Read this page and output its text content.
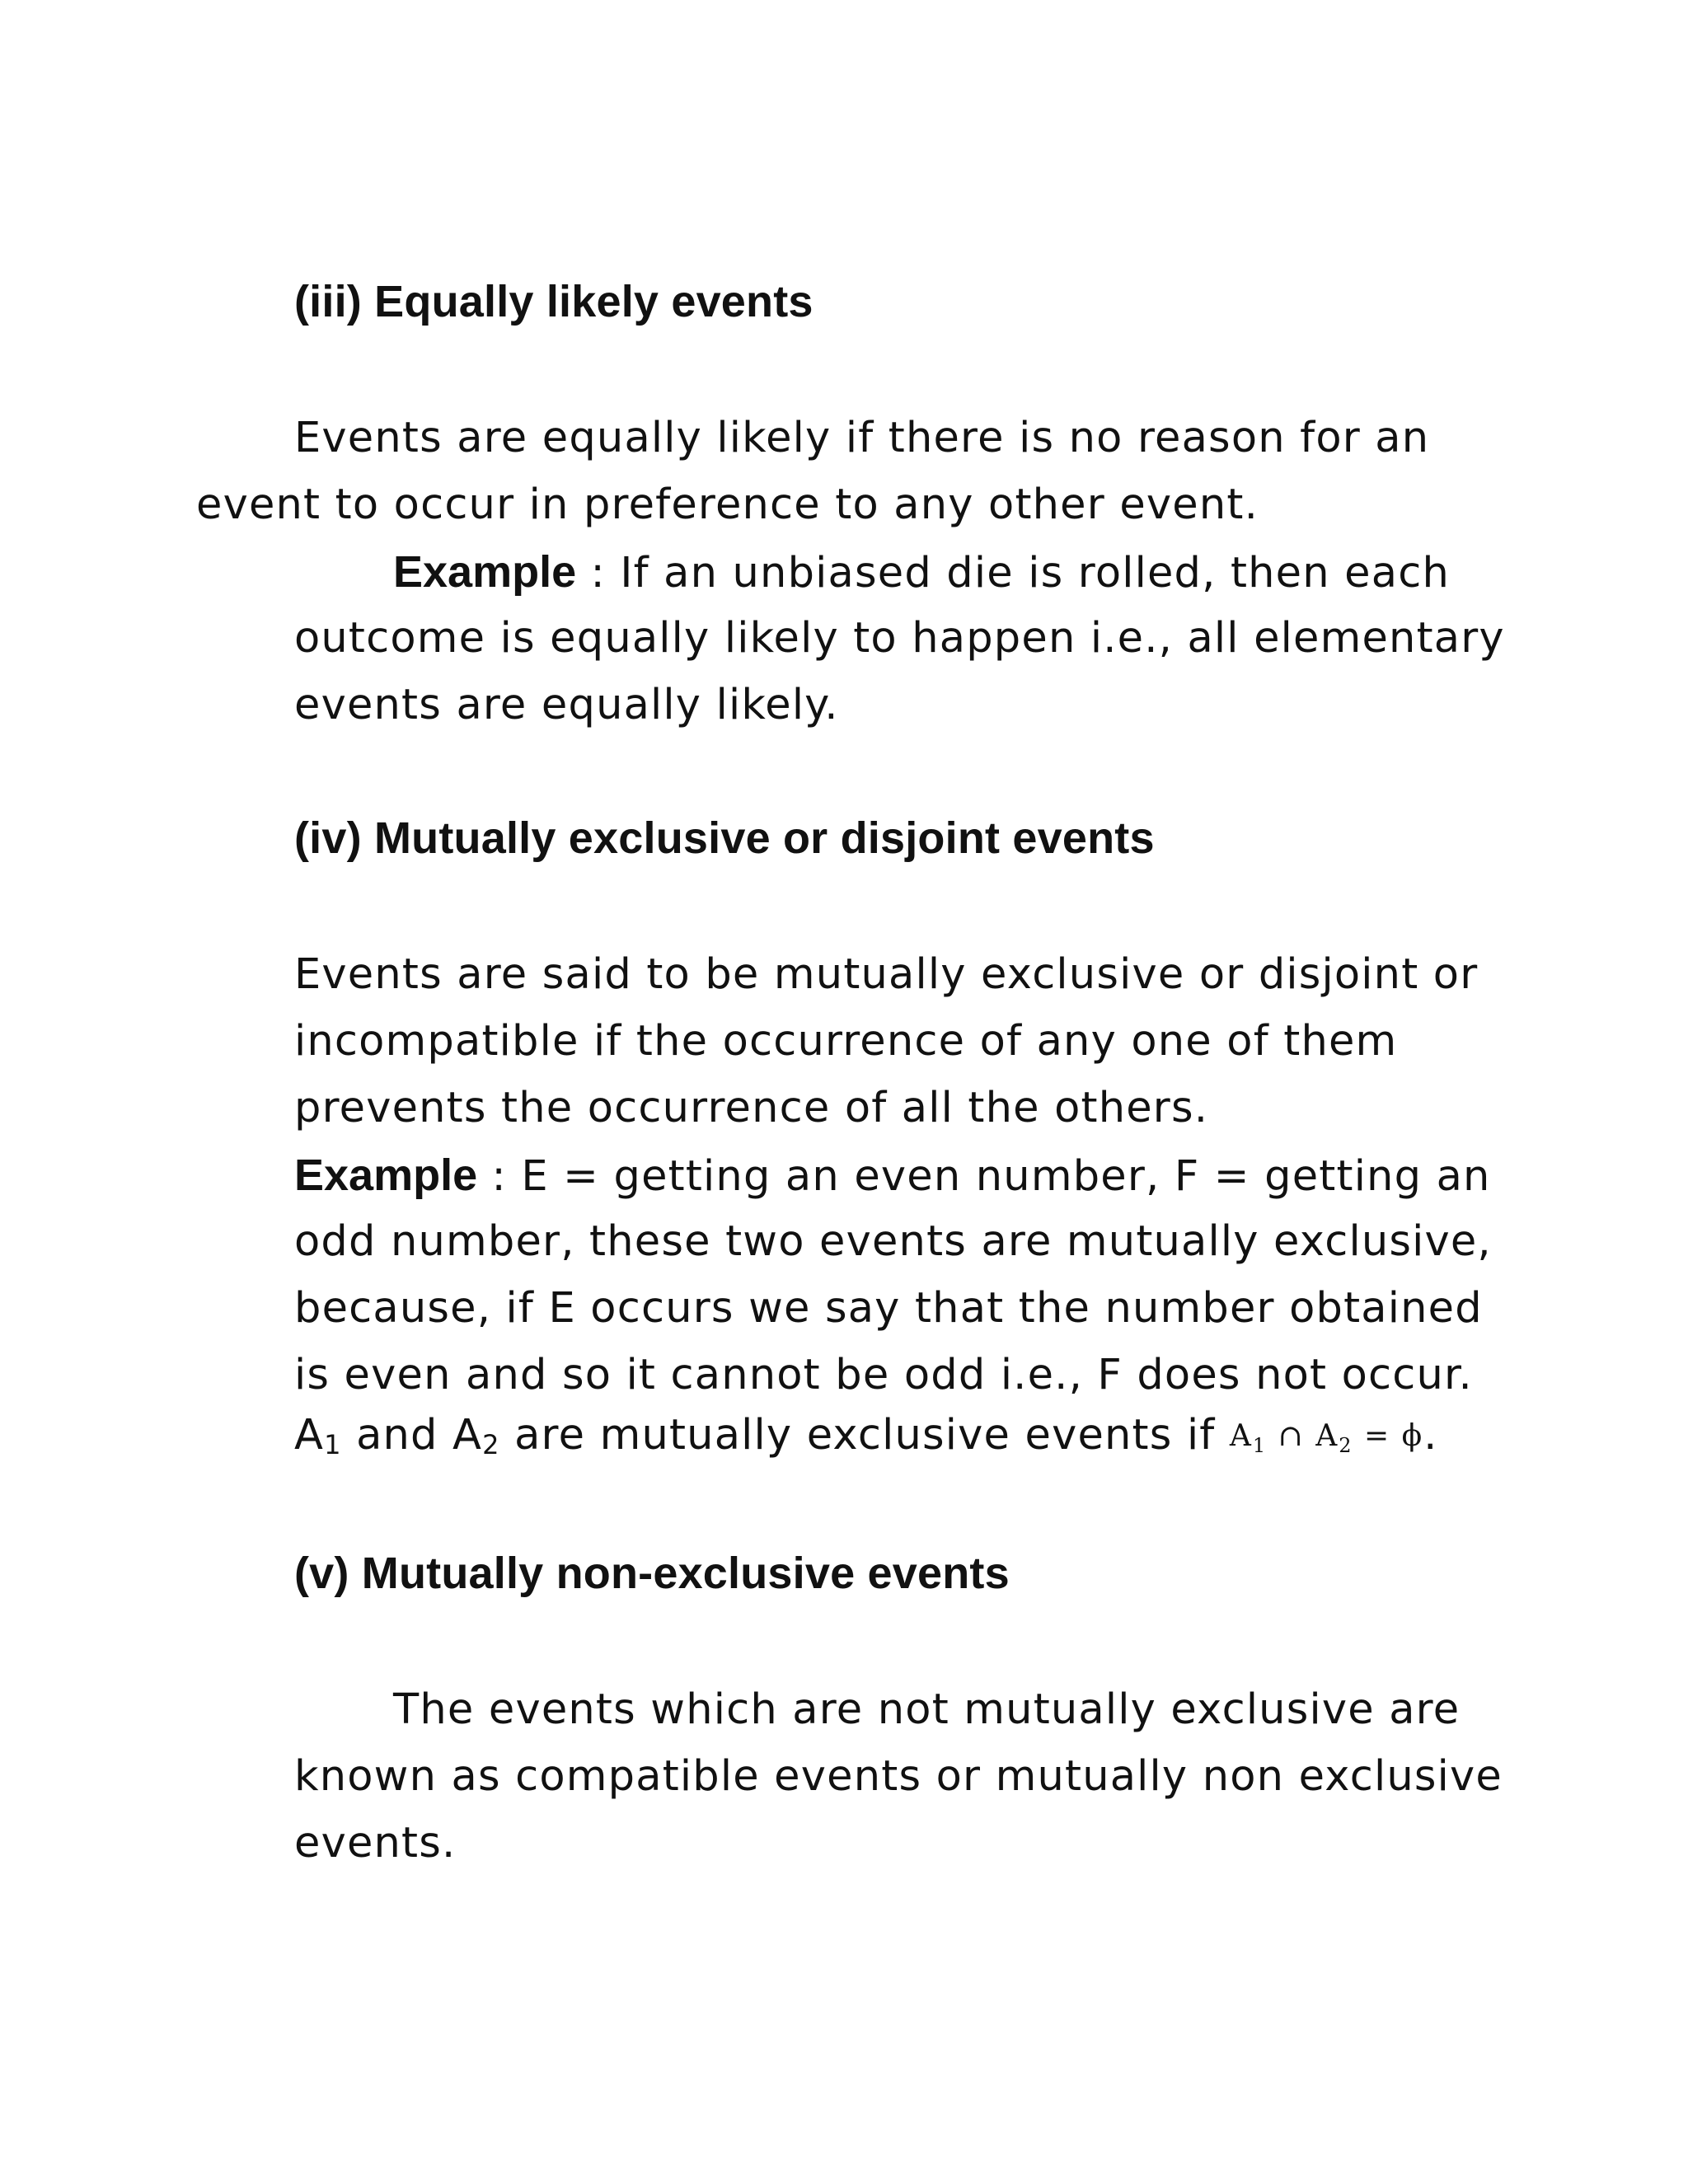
(iii) Equally likely events
Events are equally likely if there is no reason for an
event to occur in preference to any other event.
Example : If an unbiased die is rolled, then each
outcome is equally likely to happen i.e., all elementary
events are equally likely.
(iv) Mutually exclusive or disjoint events
Events are said to be mutually exclusive or disjoint or
incompatible if the occurrence of any one of them
prevents the occurrence of all the others.
Example : E = getting an even number, F = getting an
odd number, these two events are mutually exclusive,
because, if E occurs we say that the number obtained
is even and so it cannot be odd i.e., F does not occur.
$A_1$ and $A_2$ are mutually exclusive events if $A_1$ ∩ $A_2 = \phi$.
(v) Mutually non-exclusive events
The events which are not mutually exclusive are
known as compatible events or mutually non exclusive
events.
